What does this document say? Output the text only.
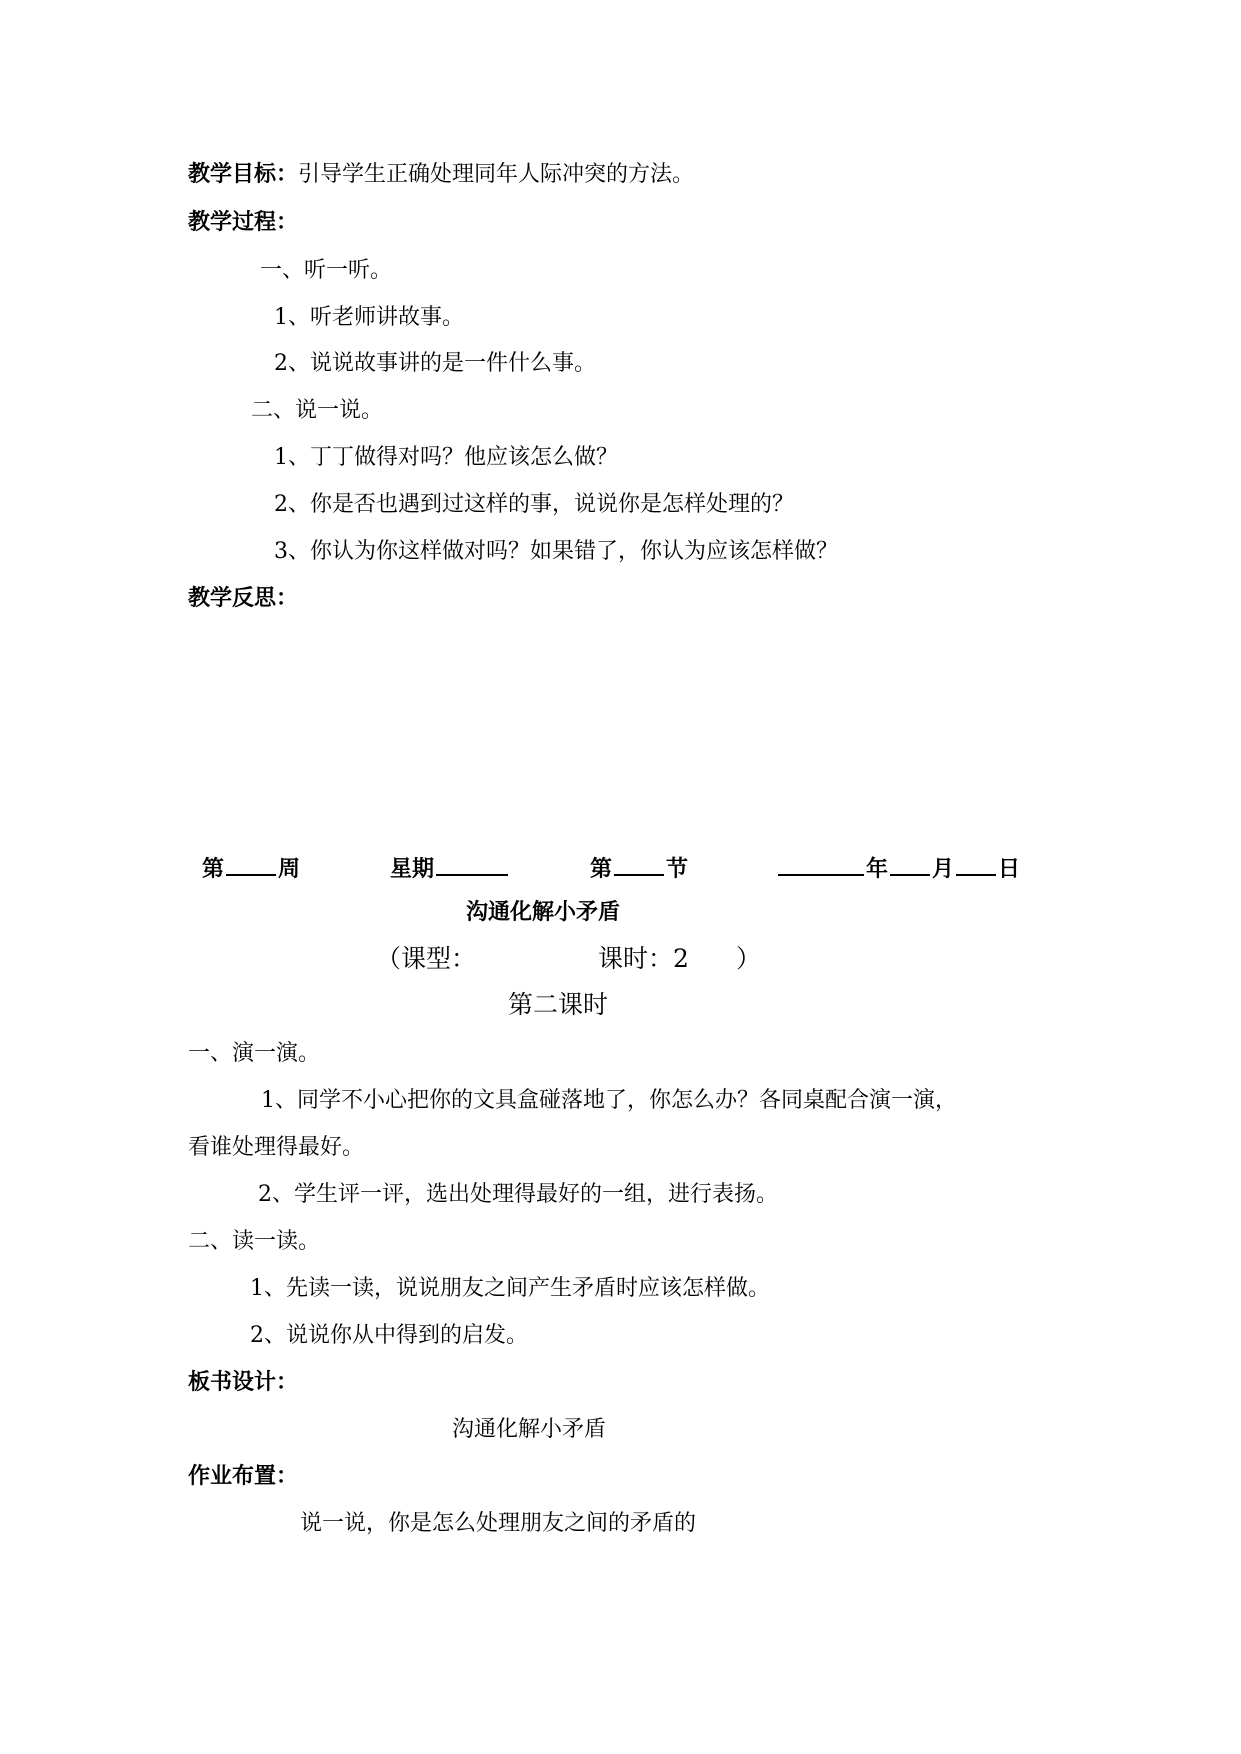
教学目标：引导学生正确处理同年人际冲突的方法。
教学过程：
一、听一听。
1、听老师讲故事。
2、说说故事讲的是一件什么事。
二、说一说。
1、丁丁做得对吗？他应该怎么做？
2、你是否也遇到过这样的事，说说你是怎样处理的？
3、你认为你这样做对吗？如果错了，你认为应该怎样做？
教学反思：
第 周	星期	第 节	年 月 日
沟通化解小矛盾
（课型：	课时：2 ）
第二课时
一、演一演。
1、同学不小心把你的文具盒碰落地了，你怎么办？各同桌配合演一演，
看谁处理得最好。
2、学生评一评，选出处理得最好的一组，进行表扬。
二、读一读。
1、先读一读，说说朋友之间产生矛盾时应该怎样做。
2、说说你从中得到的启发。
板书设计：
沟通化解小矛盾
作业布置：
说一说，你是怎么处理朋友之间的矛盾的
